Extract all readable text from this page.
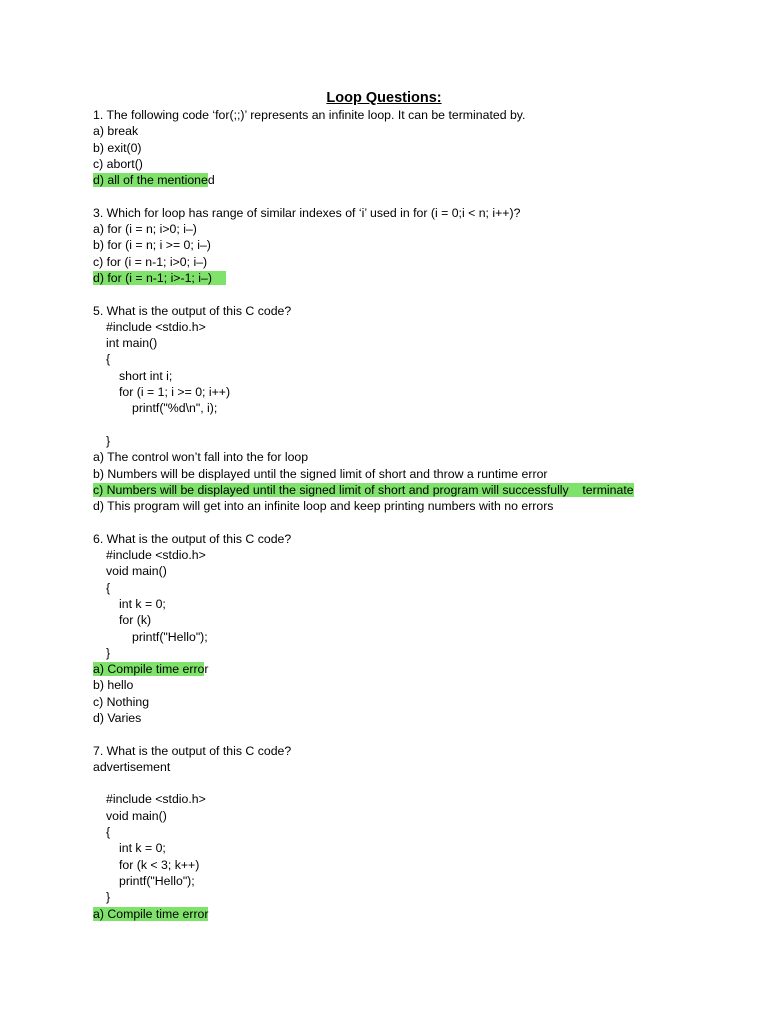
Loop Questions:
1. The following code ‘for(;;)’ represents an infinite loop. It can be terminated by.
a) break
b) exit(0)
c) abort()
d) all of the mentioned
3. Which for loop has range of similar indexes of ‘i’ used in for (i = 0;i < n; i++)?
a) for (i = n; i>0; i–)
b) for (i = n; i >= 0; i–)
c) for (i = n-1; i>0; i–)
d) for (i = n-1; i>-1; i–)
5. What is the output of this C code?
#include <stdio.h>
int main()
{
short int i;
for (i = 1; i >= 0; i++)
printf("%d\n", i);
}
a) The control won’t fall into the for loop
b) Numbers will be displayed until the signed limit of short and throw a runtime error
c) Numbers will be displayed until the signed limit of short and program will successfully    terminate
d) This program will get into an infinite loop and keep printing numbers with no errors
6. What is the output of this C code?
#include <stdio.h>
void main()
{
int k = 0;
for (k)
printf("Hello");
}
a) Compile time error
b) hello
c) Nothing
d) Varies
7. What is the output of this C code?
advertisement
#include <stdio.h>
void main()
{
int k = 0;
for (k < 3; k++)
printf("Hello");
}
a) Compile time error
